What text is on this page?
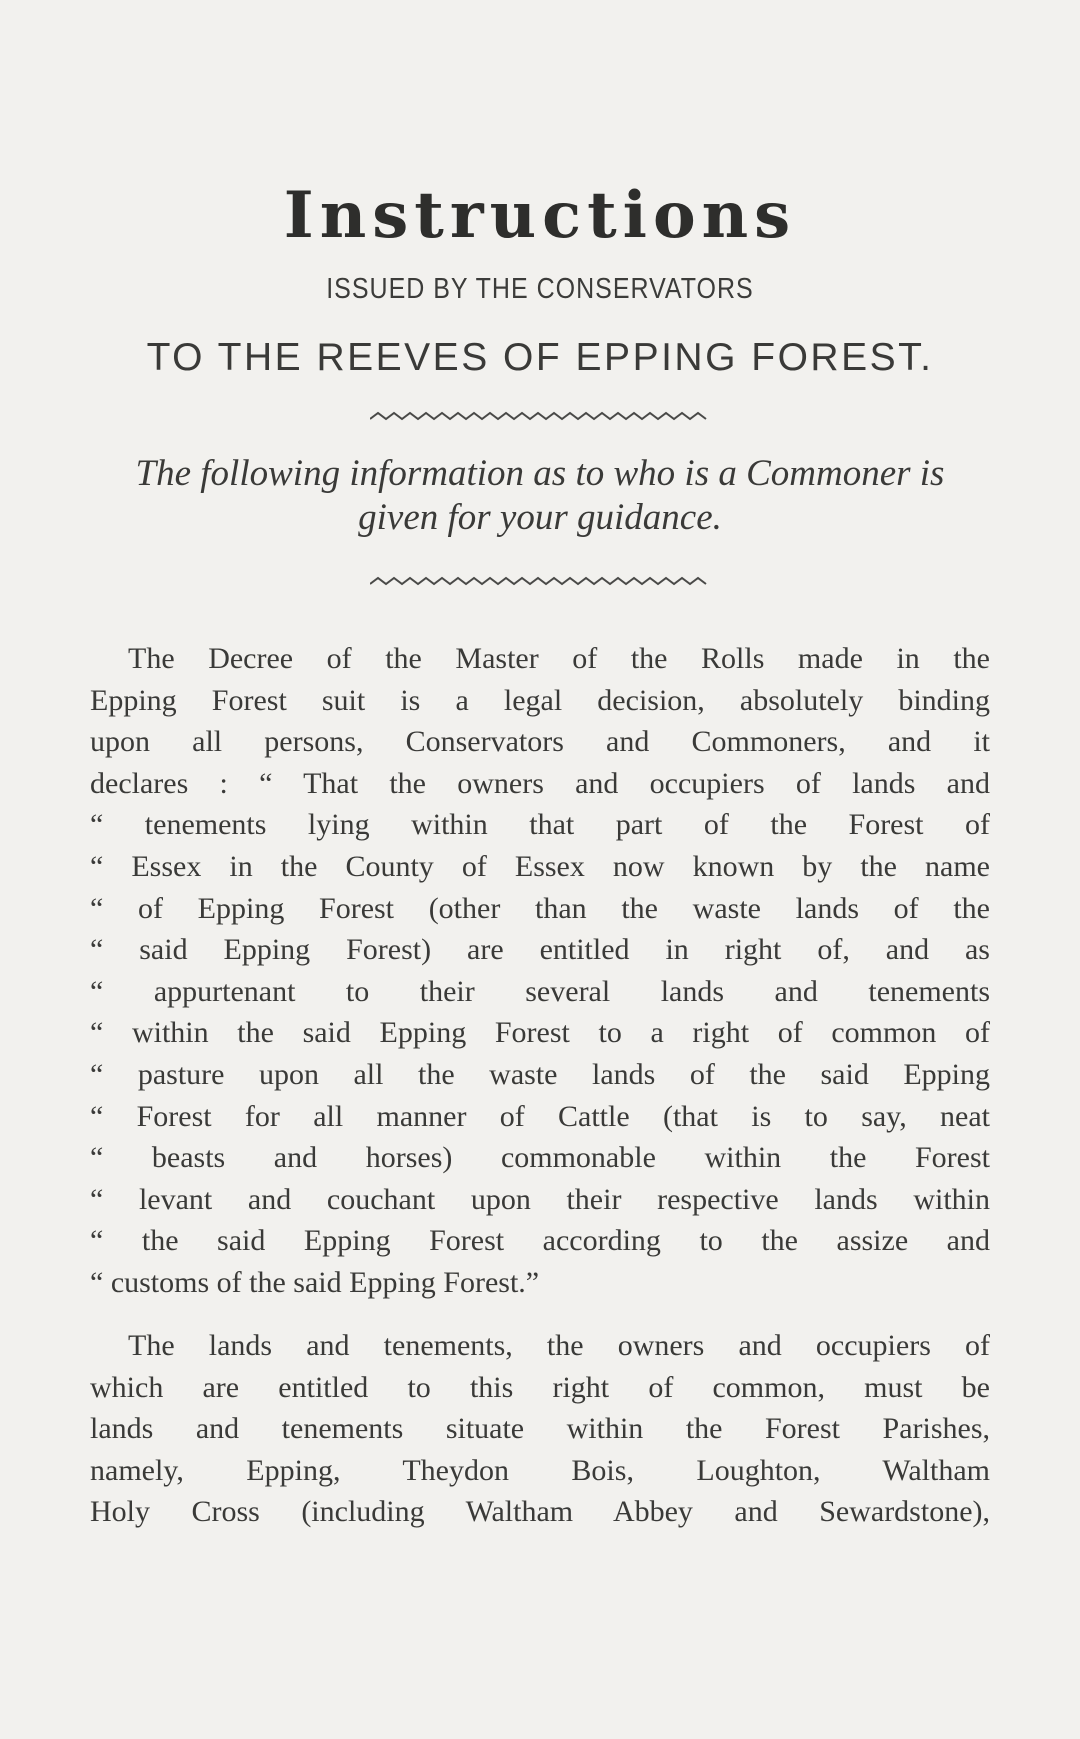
Instructions
ISSUED BY THE CONSERVATORS
TO THE REEVES OF EPPING FOREST.
The following information as to who is a Commoner is
given for your guidance.
The Decree of the Master of the Rolls made in the
Epping Forest suit is a legal decision, absolutely binding
upon all persons, Conservators and Commoners, and it
declares : “ That the owners and occupiers of lands and
“ tenements lying within that part of the Forest of
“ Essex in the County of Essex now known by the name
“ of Epping Forest (other than the waste lands of the
“ said Epping Forest) are entitled in right of, and as
“ appurtenant to their several lands and tenements
“ within the said Epping Forest to a right of common of
“ pasture upon all the waste lands of the said Epping
“ Forest for all manner of Cattle (that is to say, neat
“ beasts and horses) commonable within the Forest
“ levant and couchant upon their respective lands within
“ the said Epping Forest according to the assize and
“ customs of the said Epping Forest.”
The lands and tenements, the owners and occupiers of
which are entitled to this right of common, must be
lands and tenements situate within the Forest Parishes,
namely, Epping, Theydon Bois, Loughton, Waltham
Holy Cross (including Waltham Abbey and Sewardstone),
